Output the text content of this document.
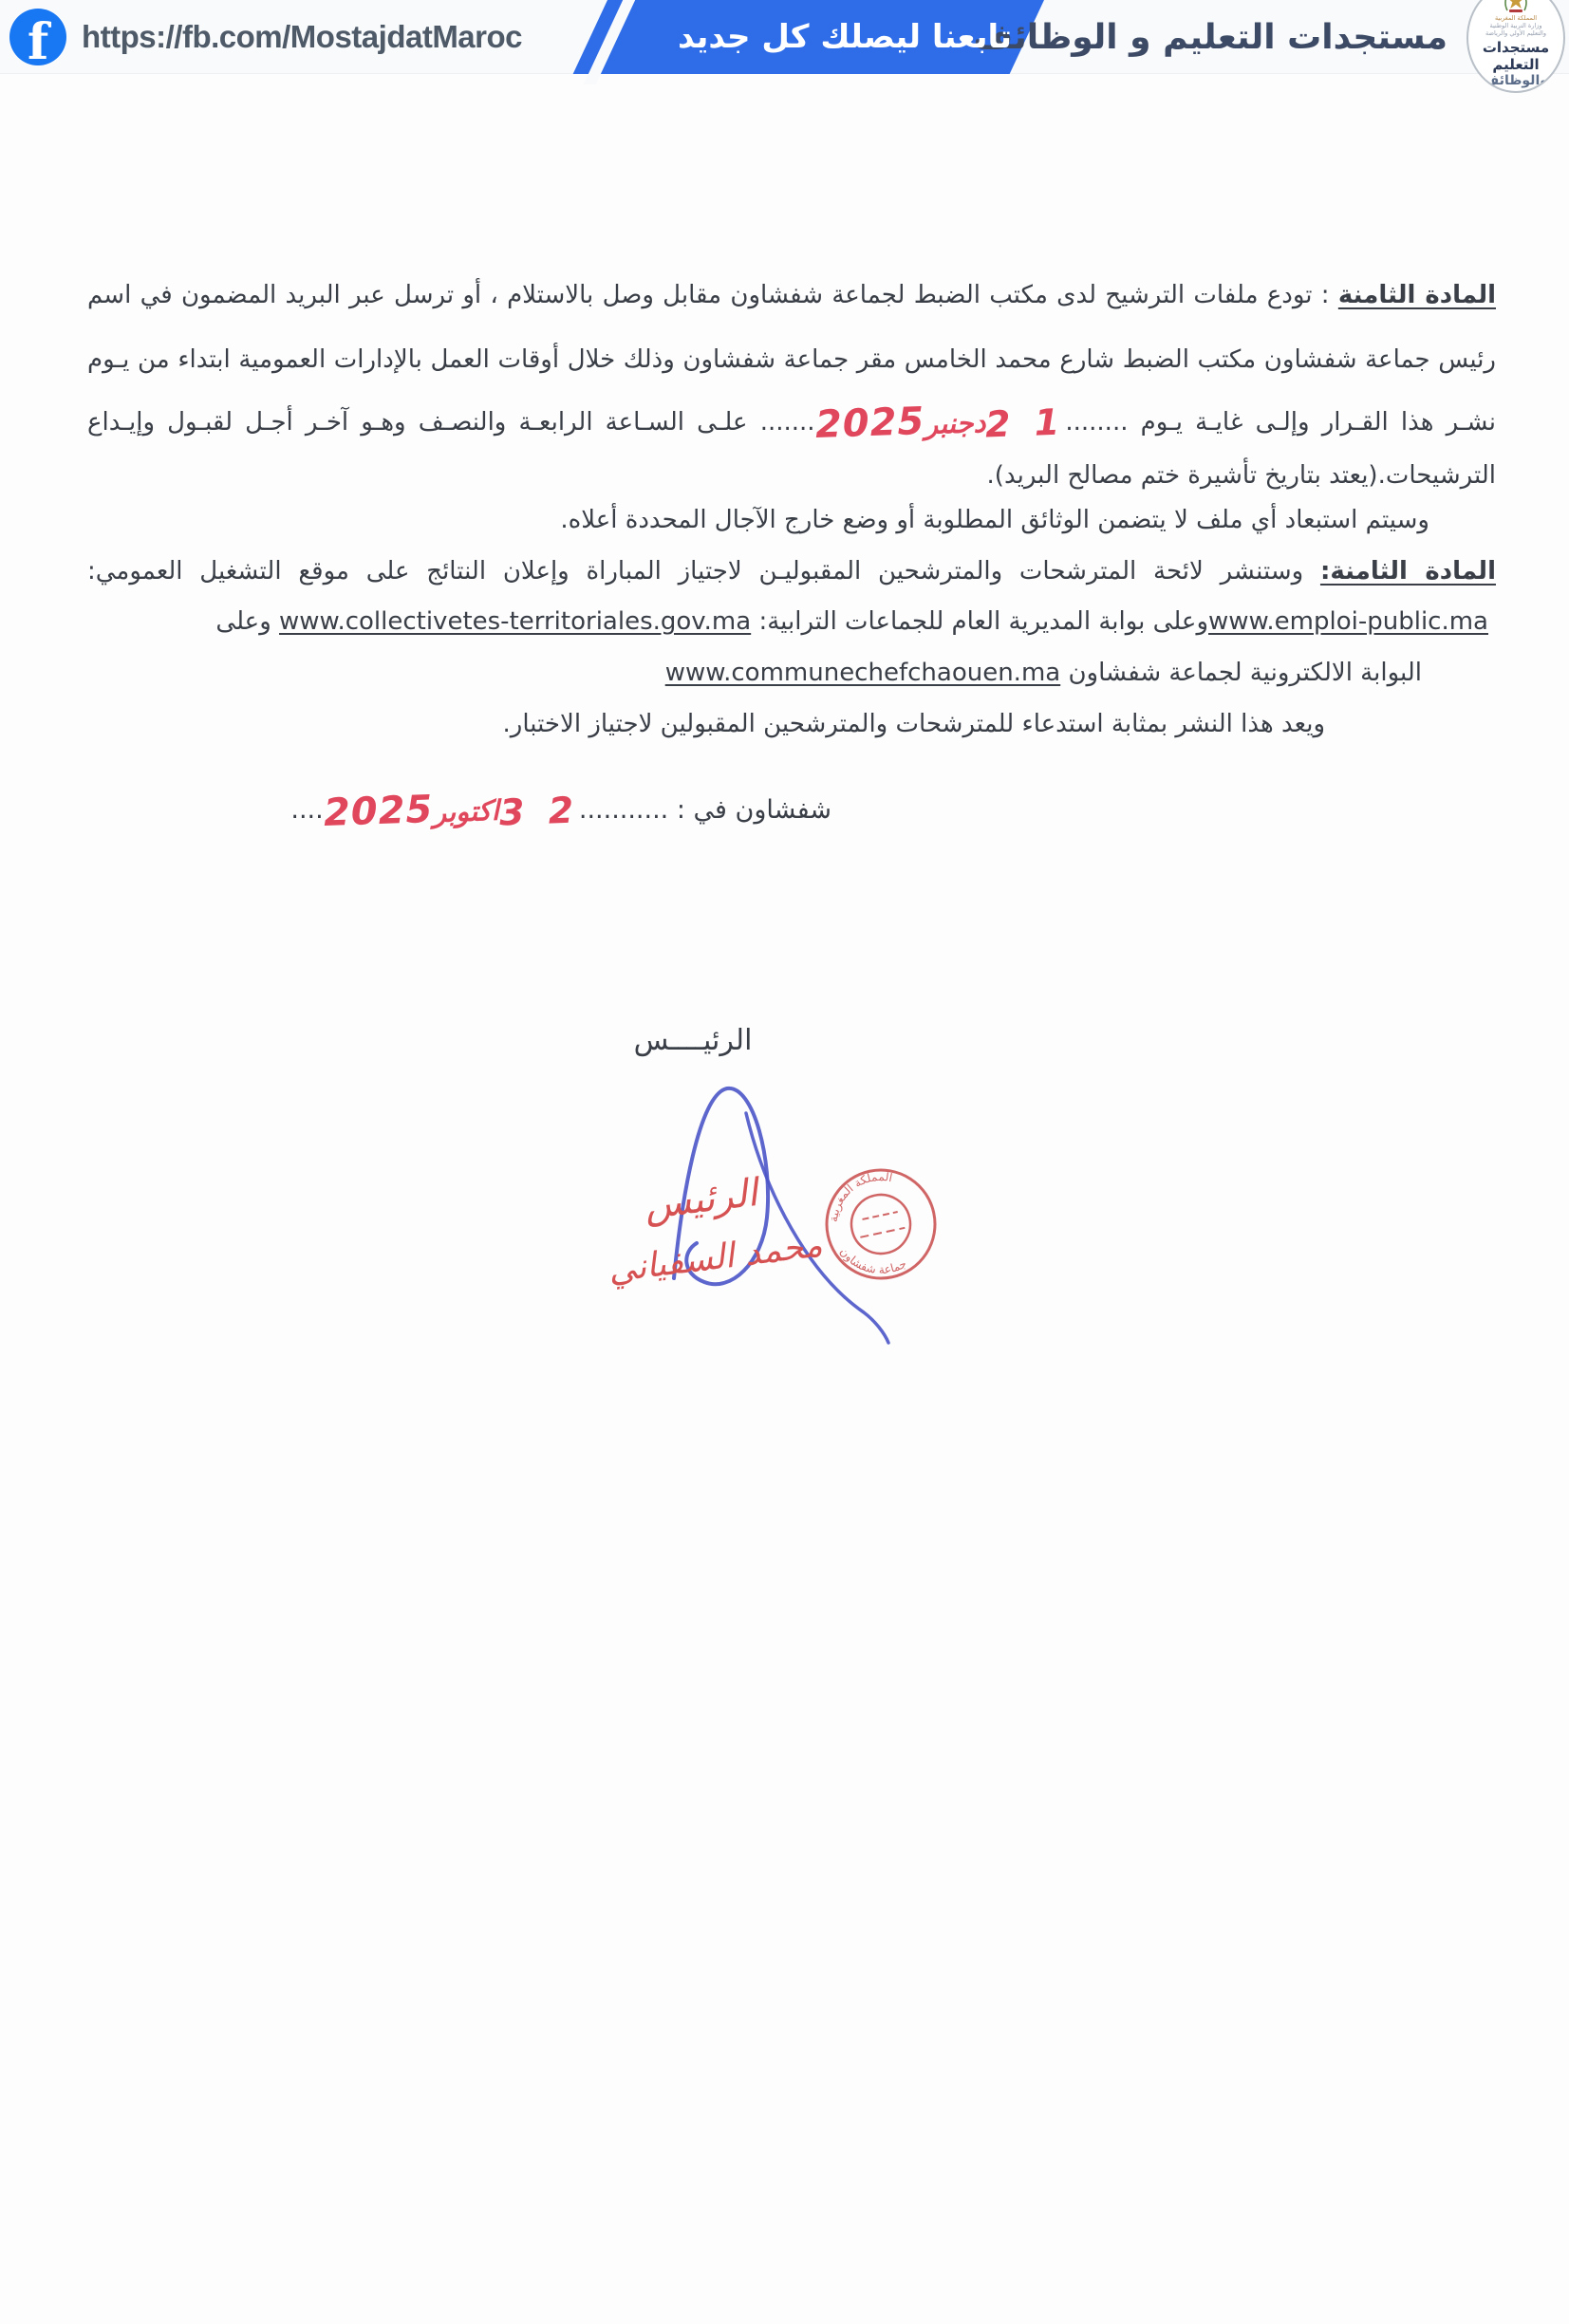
f https://fb.com/MostajdatMaroc	تابعنا ليصلك كل جديد
مستجدات التعليم و الوظائف	المملكة المغربية
وزارة التربية الوطنية
والتعليم الأولي والرياضة
مستجدات التعليم
والوظائف
المادة الثامنة : تودع ملفات الترشيح لدى مكتب الضبط لجماعة شفشاون مقابل وصل بالاستلام ، أو ترسل عبر البريد المضمون في اسم
رئيس جماعة شفشاون مكتب الضبط شارع محمد الخامس مقر جماعة شفشاون وذلك خلال أوقات العمل بالإدارات العمومية ابتداء من يـوم
نشـر هذا القـرار وإلـى غايـة يـوم ........1 2دجنبر2025....... علـى السـاعة الرابعـة والنصـف وهـو آخـر أجـل لقبـول وإيـداع
الترشيحات.(يعتد بتاريخ تأشيرة ختم مصالح البريد).
وسيتم استبعاد أي ملف لا يتضمن الوثائق المطلوبة أو وضع خارج الآجال المحددة أعلاه.
المادة الثامنة: وستنشر لائحة المترشحات والمترشحين المقبوليـن لاجتياز المباراة وإعلان النتائج على موقع التشغيل العمومي:
www.emploi-public.maوعلى بوابة المديرية العام للجماعات الترابية: www.collectivetes-territoriales.gov.ma وعلى
البوابة الالكترونية لجماعة شفشاون www.communechefchaouen.ma
ويعد هذا النشر بمثابة استدعاء للمترشحات والمترشحين المقبولين لاجتياز الاختبار.
شفشاون في : ...........2 3اكتوبر2025....
الرئيــــس
المملكة المغربية
جماعة شفشاون
الرئيس
محمد السفياني
